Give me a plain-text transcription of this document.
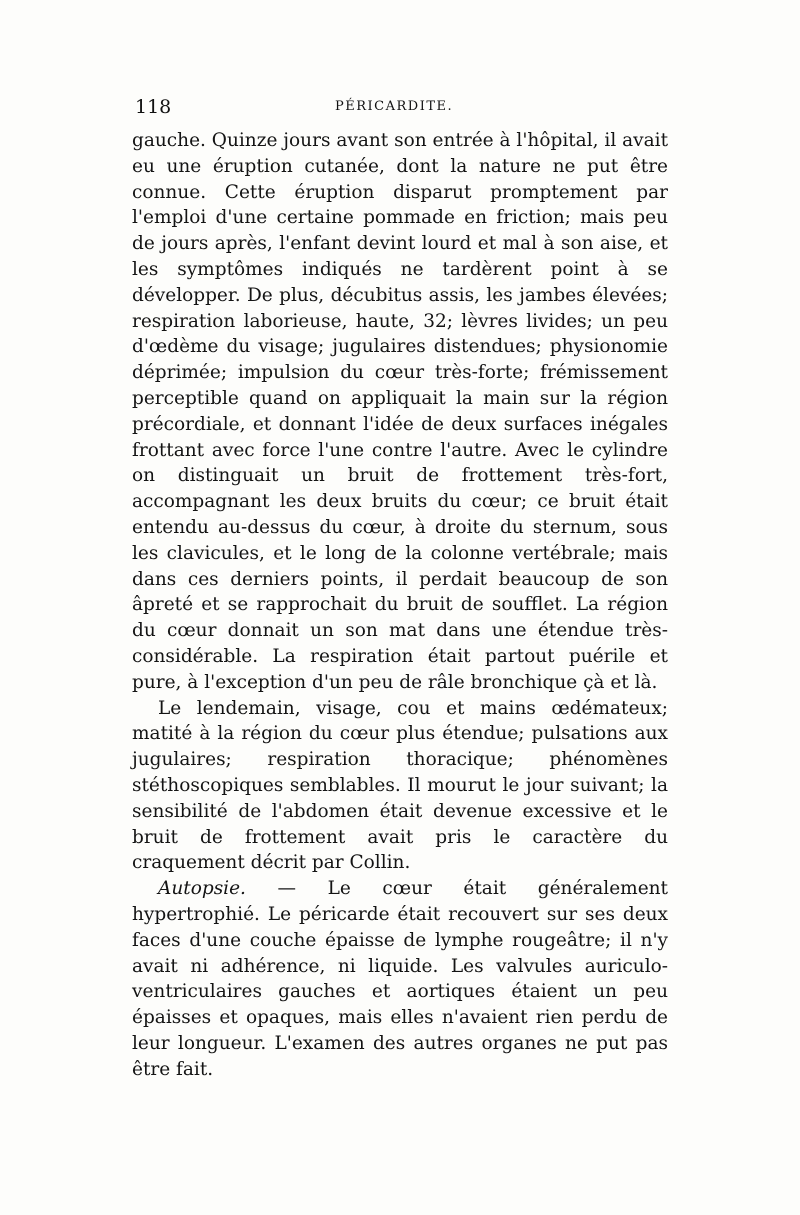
118	PÉRICARDITE.

gauche. Quinze jours avant son entrée à l'hôpital, il avait eu une éruption cutanée, dont la nature ne put être connue. Cette éruption disparut promptement par l'emploi d'une certaine pommade en friction; mais peu de jours après, l'enfant devint lourd et mal à son aise, et les symptômes indiqués ne tardèrent point à se développer. De plus, décubitus assis, les jambes élevées; respiration laborieuse, haute, 32; lèvres livides; un peu d'œdème du visage; jugulaires distendues; physionomie déprimée; impulsion du cœur très-forte; frémissement perceptible quand on appliquait la main sur la région précordiale, et donnant l'idée de deux surfaces inégales frottant avec force l'une contre l'autre. Avec le cylindre on distinguait un bruit de frottement très-fort, accompagnant les deux bruits du cœur; ce bruit était entendu au-dessus du cœur, à droite du sternum, sous les clavicules, et le long de la colonne vertébrale; mais dans ces derniers points, il perdait beaucoup de son âpreté et se rapprochait du bruit de soufflet. La région du cœur donnait un son mat dans une étendue très-considérable. La respiration était partout puérile et pure, à l'exception d'un peu de râle bronchique çà et là.

Le lendemain, visage, cou et mains œdémateux; matité à la région du cœur plus étendue; pulsations aux jugulaires; respiration thoracique; phénomènes stéthoscopiques semblables. Il mourut le jour suivant; la sensibilité de l'abdomen était devenue excessive et le bruit de frottement avait pris le caractère du craquement décrit par Collin.

Autopsie. — Le cœur était généralement hypertrophié. Le péricarde était recouvert sur ses deux faces d'une couche épaisse de lymphe rougeâtre; il n'y avait ni adhérence, ni liquide. Les valvules auriculo-ventriculaires gauches et aortiques étaient un peu épaisses et opaques, mais elles n'avaient rien perdu de leur longueur. L'examen des autres organes ne put pas être fait.
